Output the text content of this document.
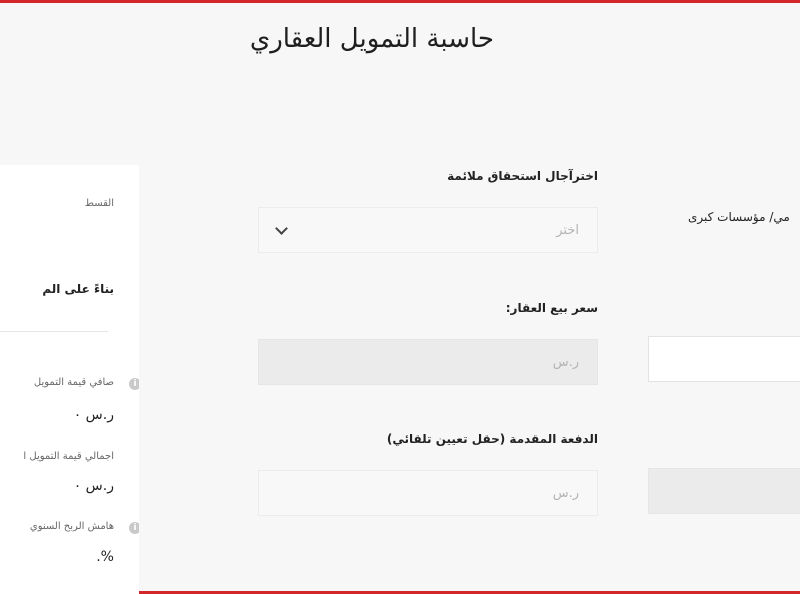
حاسبة التمويل العقاري
القسط
بناءً على الم
صافي قيمة التمويل	i
ر.س ٠
اجمالي قيمة التمويل ا
ر.س ٠
هامش الربح السنوي	i
%.
اخترآجال استحقاق ملائمة
اختر
سعر بيع العقار:
ر.س
الدفعة المقدمة (حقل تعيين تلقائي)
ر.س
مي/ مؤسسات كبرى
